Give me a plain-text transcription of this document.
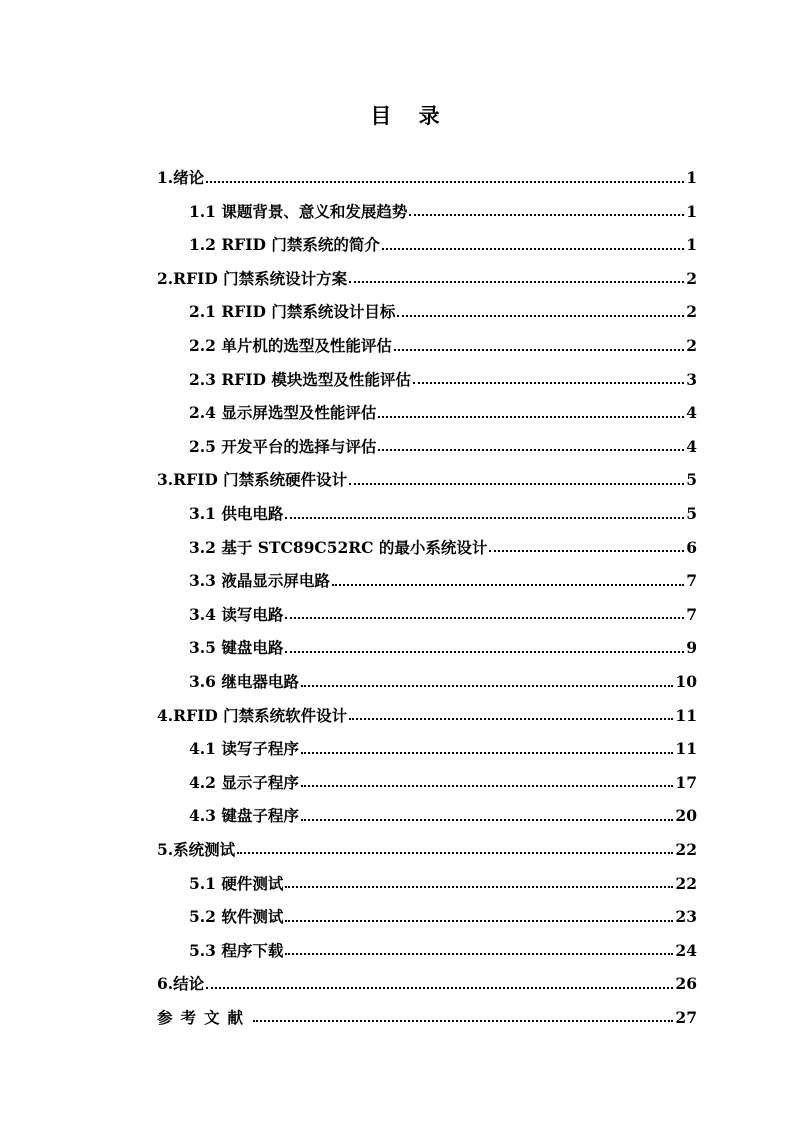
目 录
1.绪论	1
1.1 课题背景、意义和发展趋势	1
1.2 RFID 门禁系统的简介	1
2.RFID 门禁系统设计方案	2
2.1 RFID 门禁系统设计目标	2
2.2 单片机的选型及性能评估	2
2.3 RFID 模块选型及性能评估	3
2.4 显示屏选型及性能评估	4
2.5 开发平台的选择与评估	4
3.RFID 门禁系统硬件设计	5
3.1 供电电路	5
3.2 基于 STC89C52RC 的最小系统设计	6
3.3 液晶显示屏电路	7
3.4 读写电路	7
3.5 键盘电路	9
3.6 继电器电路	10
4.RFID 门禁系统软件设计	11
4.1 读写子程序	11
4.2 显示子程序	17
4.3 键盘子程序	20
5.系统测试	22
5.1 硬件测试	22
5.2 软件测试	23
5.3 程序下载	24
6.结论	26
参考文献	27
